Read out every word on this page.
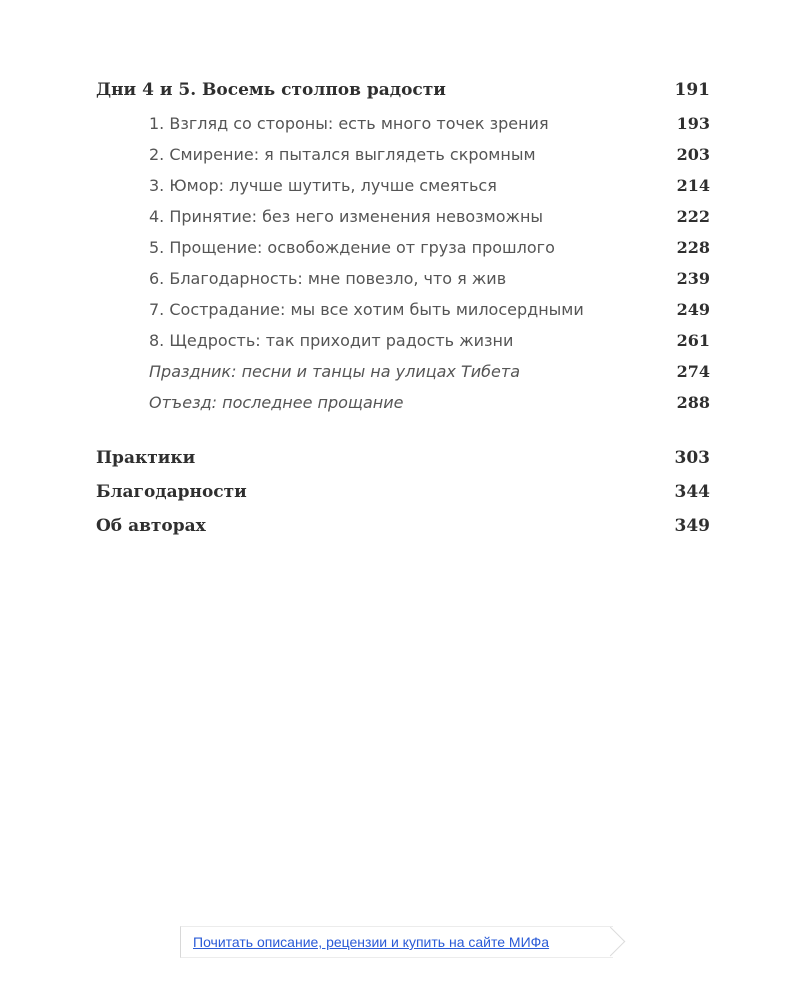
Дни 4 и 5. Восемь столпов радости	191
1. Взгляд со стороны: есть много точек зрения	193
2. Смирение: я пытался выглядеть скромным	203
3. Юмор: лучше шутить, лучше смеяться	214
4. Принятие: без него изменения невозможны	222
5. Прощение: освобождение от груза прошлого	228
6. Благодарность: мне повезло, что я жив	239
7. Сострадание: мы все хотим быть милосердными	249
8. Щедрость: так приходит радость жизни	261
Праздник: песни и танцы на улицах Тибета	274
Отъезд: последнее прощание	288
Практики	303
Благодарности	344
Об авторах	349
Почитать описание, рецензии и купить на сайте МИФа
